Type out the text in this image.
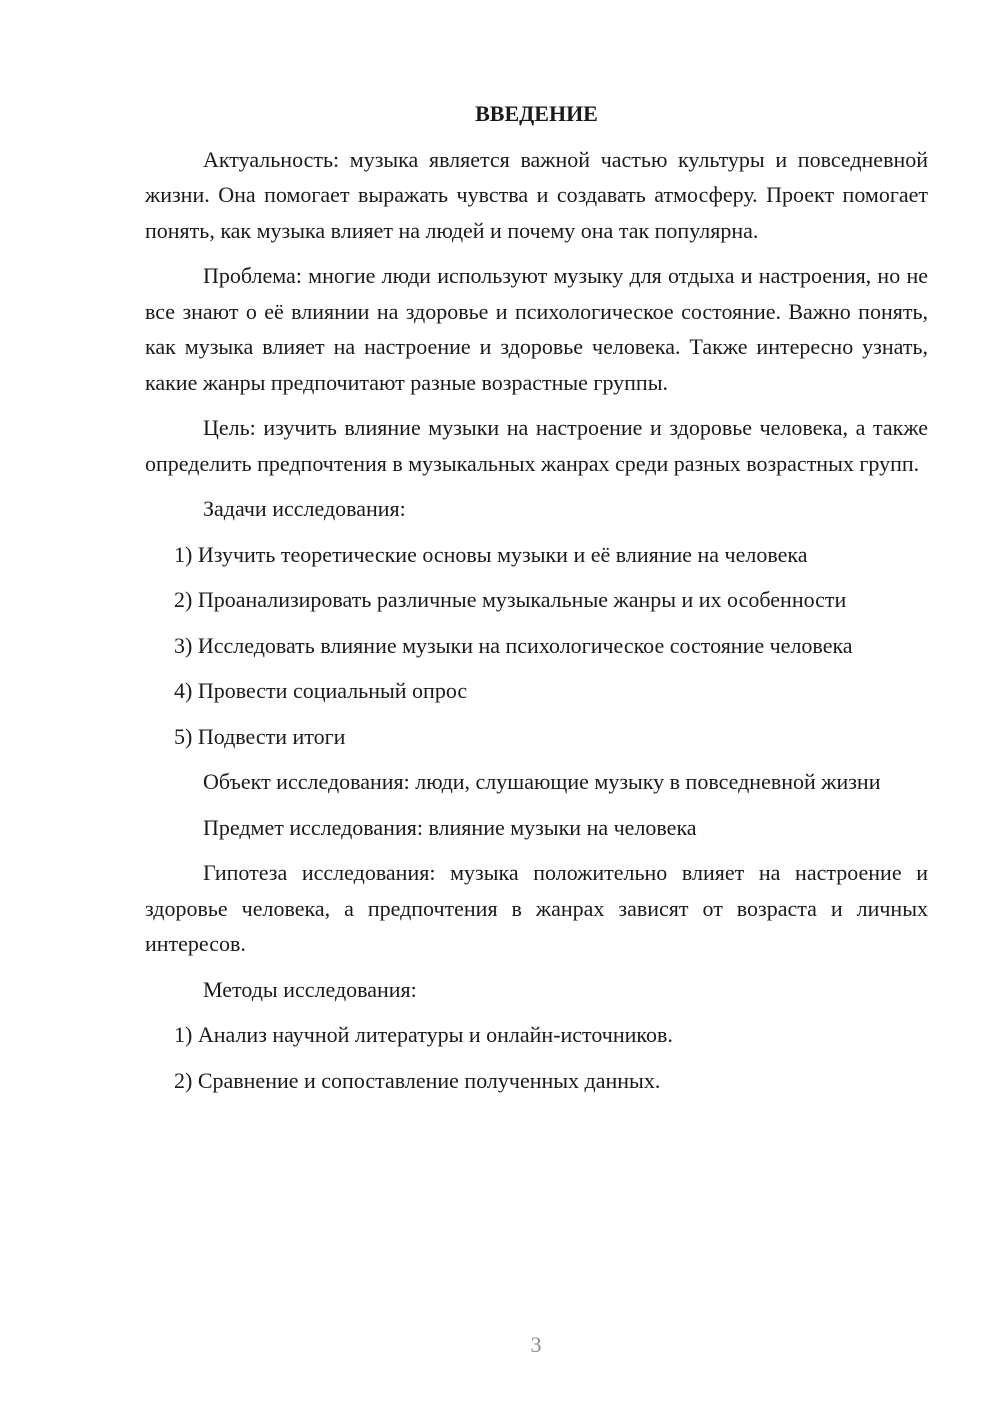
ВВЕДЕНИЕ
Актуальность: музыка является важной частью культуры и повседневной жизни. Она помогает выражать чувства и создавать атмосферу. Проект помогает понять, как музыка влияет на людей и почему она так популярна.
Проблема: многие люди используют музыку для отдыха и настроения, но не все знают о её влиянии на здоровье и психологическое состояние. Важно понять, как музыка влияет на настроение и здоровье человека. Также интересно узнать, какие жанры предпочитают разные возрастные группы.
Цель: изучить влияние музыки на настроение и здоровье человека, а также определить предпочтения в музыкальных жанрах среди разных возрастных групп.
Задачи исследования:
1) Изучить теоретические основы музыки и её влияние на человека
2) Проанализировать различные музыкальные жанры и их особенности
3) Исследовать влияние музыки на психологическое состояние человека
4) Провести социальный опрос
5) Подвести итоги
Объект исследования: люди, слушающие музыку в повседневной жизни
Предмет исследования: влияние музыки на человека
Гипотеза исследования: музыка положительно влияет на настроение и здоровье человека, а предпочтения в жанрах зависят от возраста и личных интересов.
Методы исследования:
1) Анализ научной литературы и онлайн-источников.
2) Сравнение и сопоставление полученных данных.
3
